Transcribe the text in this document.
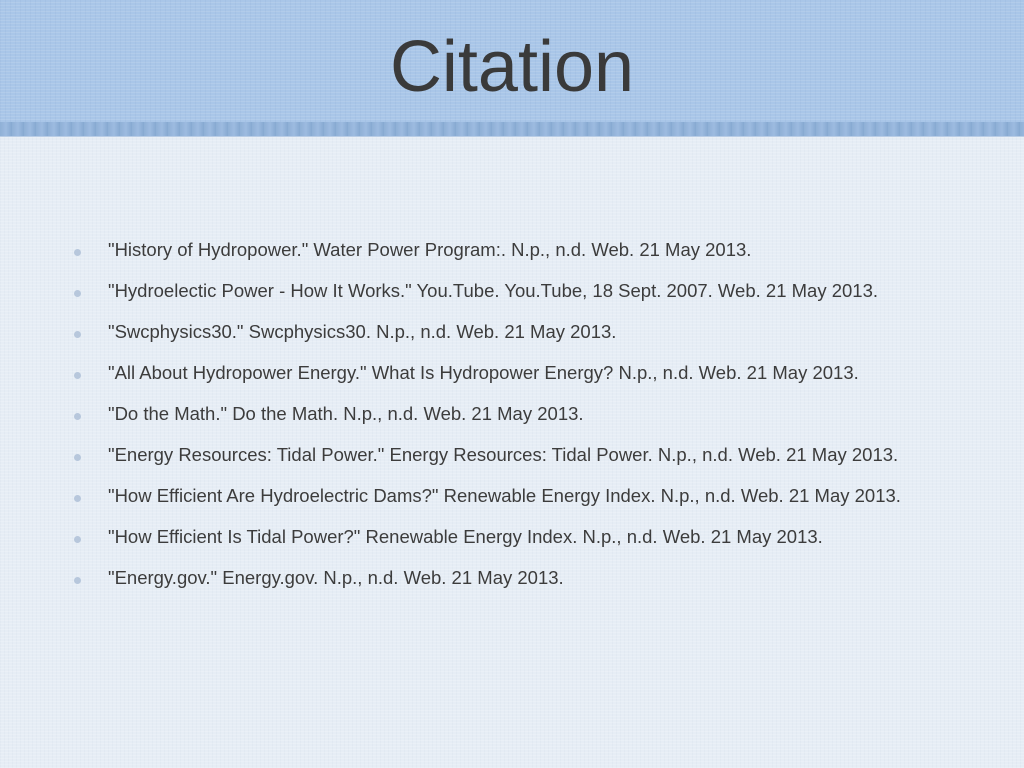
Citation
"History of Hydropower." Water Power Program:. N.p., n.d. Web. 21 May 2013.
"Hydroelectic Power - How It Works." You.Tube. You.Tube, 18 Sept. 2007. Web. 21 May 2013.
"Swcphysics30." Swcphysics30. N.p., n.d. Web. 21 May 2013.
"All About Hydropower Energy." What Is Hydropower Energy? N.p., n.d. Web. 21 May 2013.
"Do the Math." Do the Math. N.p., n.d. Web. 21 May 2013.
"Energy Resources: Tidal Power." Energy Resources: Tidal Power. N.p., n.d. Web. 21 May 2013.
"How Efficient Are Hydroelectric Dams?" Renewable Energy Index. N.p., n.d. Web. 21 May 2013.
"How Efficient Is Tidal Power?" Renewable Energy Index. N.p., n.d. Web. 21 May 2013.
"Energy.gov." Energy.gov. N.p., n.d. Web. 21 May 2013.
